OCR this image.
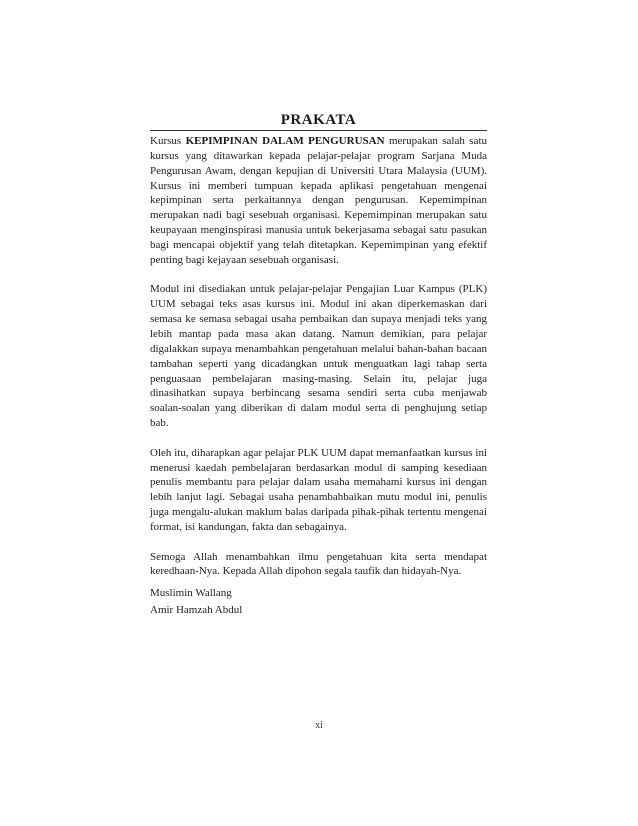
PRAKATA

Kursus KEPIMPINAN DALAM PENGURUSAN merupakan salah satu kursus yang ditawarkan kepada pelajar-pelajar program Sarjana Muda Pengurusan Awam, dengan kepujian di Universiti Utara Malaysia (UUM). Kursus ini memberi tumpuan kepada aplikasi pengetahuan mengenai kepimpinan serta perkaitannya dengan pengurusan. Kepemimpinan merupakan nadi bagi sesebuah organisasi. Kepemimpinan merupakan satu keupayaan menginspirasi manusia untuk bekerjasama sebagai satu pasukan bagi mencapai objektif yang telah ditetapkan. Kepemimpinan yang efektif penting bagi kejayaan sesebuah organisasi.

Modul ini disediakan untuk pelajar-pelajar Pengajian Luar Kampus (PLK) UUM sebagai teks asas kursus ini. Modul ini akan diperkemaskan dari semasa ke semasa sebagai usaha pembaikan dan supaya menjadi teks yang lebih mantap pada masa akan datang. Namun demikian, para pelajar digalakkan supaya menambahkan pengetahuan melalui bahan-bahan bacaan tambahan seperti yang dicadangkan untuk menguatkan lagi tahap serta penguasaan pembelajaran masing-masing. Selain itu, pelajar juga dinasihatkan supaya berbincang sesama sendiri serta cuba menjawab soalan-soalan yang diberikan di dalam modul serta di penghujung setiap bab.

Oleh itu, diharapkan agar pelajar PLK UUM dapat memanfaatkan kursus ini menerusi kaedah pembelajaran berdasarkan modul di samping kesediaan penulis membantu para pelajar dalam usaha memahami kursus ini dengan lebih lanjut lagi. Sebagai usaha penambahbaikan mutu modul ini, penulis juga mengalu-alukan maklum balas daripada pihak-pihak tertentu mengenai format, isi kandungan, fakta dan sebagainya.

Semoga Allah menambahkan ilmu pengetahuan kita serta mendapat keredhaan-Nya. Kepada Allah dipohon segala taufik dan hidayah-Nya.

Muslimin Wallang
Amir Hamzah Abdul
xi
